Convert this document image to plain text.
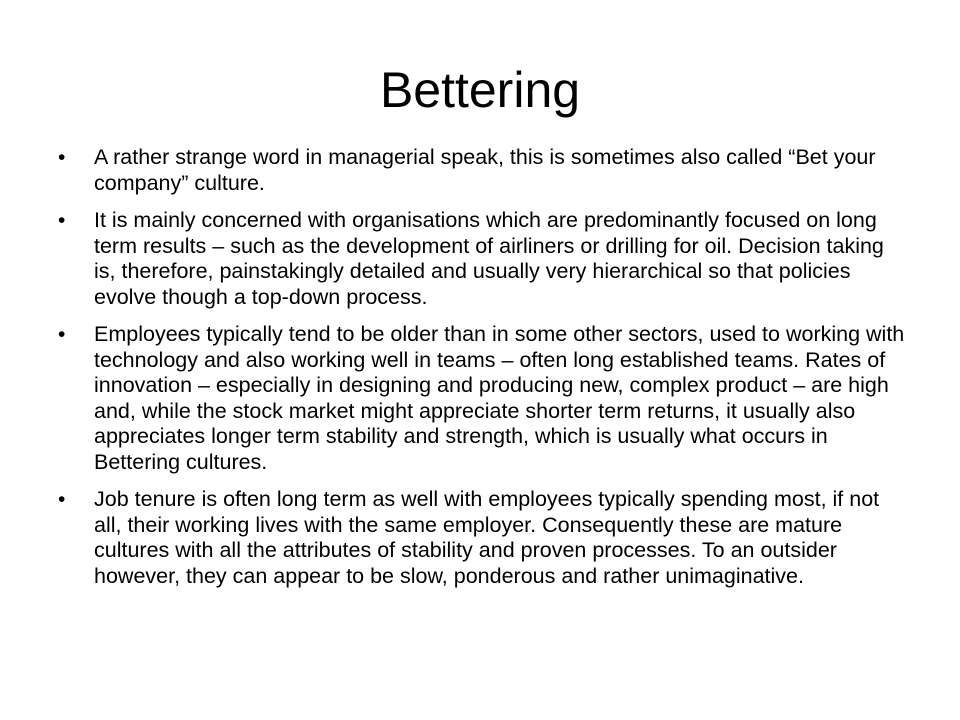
Bettering
•	A rather strange word in managerial speak, this is sometimes also called “Bet your company” culture.
•	It is mainly concerned with organisations which are predominantly focused on long term results – such as the development of airliners or drilling for oil. Decision taking is, therefore, painstakingly detailed and usually very hierarchical so that policies evolve though a top-down process.
•	Employees typically tend to be older than in some other sectors, used to working with technology and also working well in teams – often long established teams. Rates of innovation – especially in designing and producing new, complex product – are high and, while the stock market might appreciate shorter term returns, it usually also appreciates longer term stability and strength, which is usually what occurs in Bettering cultures.
•	Job tenure is often long term as well with employees typically spending most, if not all, their working lives with the same employer. Consequently these are mature cultures with all the attributes of stability and proven processes. To an outsider however, they can appear to be slow, ponderous and rather unimaginative.
